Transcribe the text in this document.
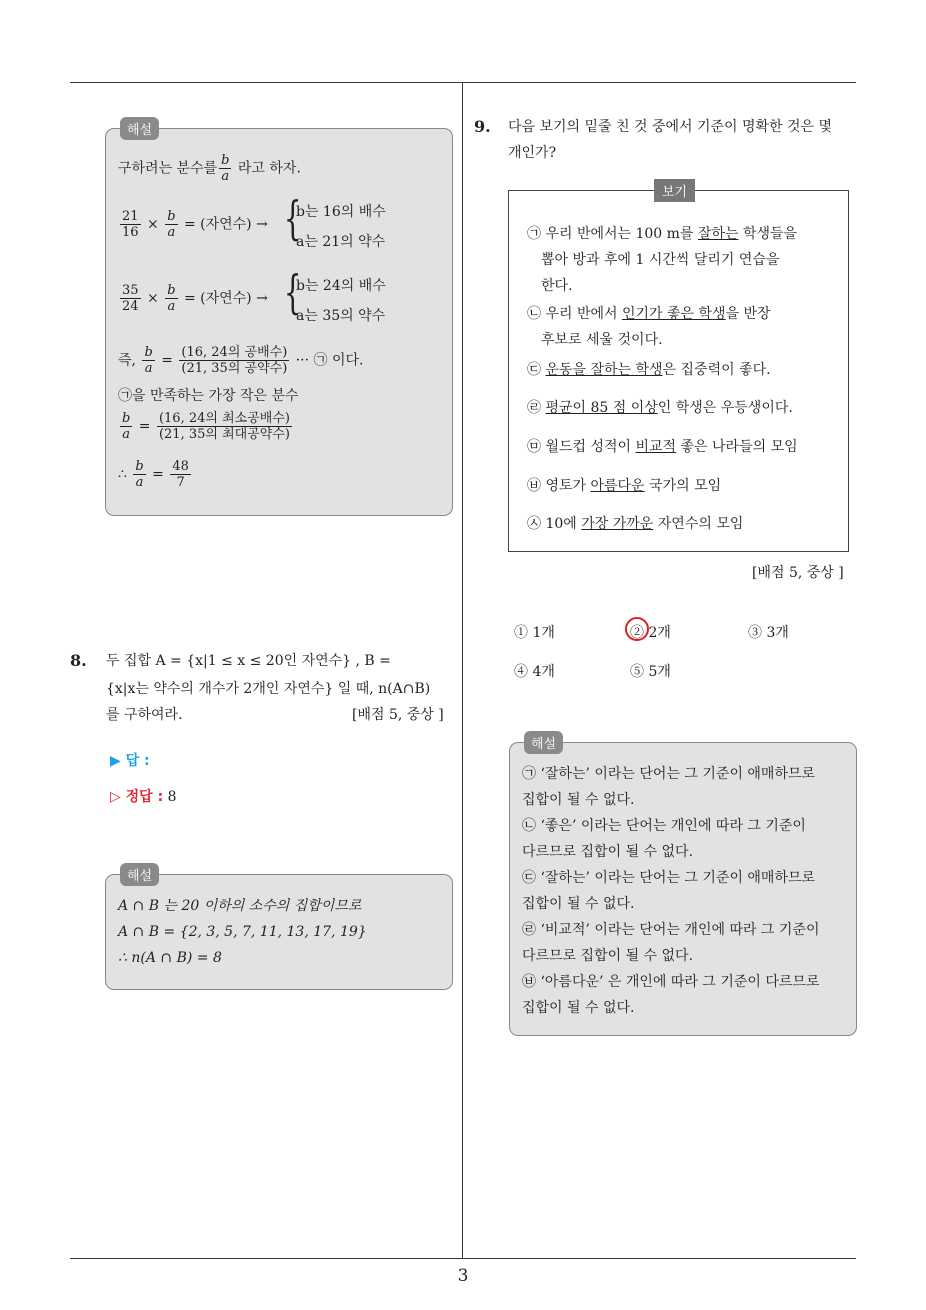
3
해설
구하려는 분수를 $\frac{b}{a}$ 라고 하자.
$\frac{21}{16} \times \frac{b}{a}$ = (자연수) → {
b는 16의 배수
a는 21의 약수
$\frac{35}{24} \times \frac{b}{a}$ = (자연수) → {
b는 24의 배수
a는 35의 약수
즉, $\frac{b}{a} = \frac{\text{(16, 24의 공배수)}}{\text{(21, 35의 공약수)}}$ ··· ㉠ 이다.
㉠을 만족하는 가장 작은 분수
$\frac{b}{a} = \frac{\text{(16, 24의 최소공배수)}}{\text{(21, 35의 최대공약수)}}$
∴ $\frac{b}{a} = \frac{48}{7}$
8. 두 집합 A = {x|1 ≤ x ≤ 20인 자연수} , B =
{x|x는 약수의 개수가 2개인 자연수} 일 때, n(A∩B)
를 구하여라.	[배점 5, 중상 ]
▶ 답 :
▷ 정답 : 8
해설
A ∩ B 는 20 이하의 소수의 집합이므로
A ∩ B = {2, 3, 5, 7, 11, 13, 17, 19}
∴ n(A ∩ B) = 8
9. 다음 보기의 밑줄 친 것 중에서 기준이 명확한 것은 몇
개인가?
보기
㉠ 우리 반에서는 100 m를 잘하는 학생들을
뽑아 방과 후에 1 시간씩 달리기 연습을
한다.
㉡ 우리 반에서 인기가 좋은 학생을 반장
후보로 세울 것이다.
㉢ 운동을 잘하는 학생은 집중력이 좋다.
㉣ 평균이 85 점 이상인 학생은 우등생이다.
㉤ 월드컵 성적이 비교적 좋은 나라들의 모임
㉥ 영토가 아름다운 국가의 모임
㉦ 10에 가장 가까운 자연수의 모임
[배점 5, 중상 ]
① 1개	② 2개	③ 3개
④ 4개	⑤ 5개
해설
㉠ ‘잘하는’ 이라는 단어는 그 기준이 애매하므로
집합이 될 수 없다.
㉡ ‘좋은’ 이라는 단어는 개인에 따라 그 기준이
다르므로 집합이 될 수 없다.
㉢ ‘잘하는’ 이라는 단어는 그 기준이 애매하므로
집합이 될 수 없다.
㉣ ‘비교적’ 이라는 단어는 개인에 따라 그 기준이
다르므로 집합이 될 수 없다.
㉥ ‘아름다운’ 은 개인에 따라 그 기준이 다르므로
집합이 될 수 없다.
